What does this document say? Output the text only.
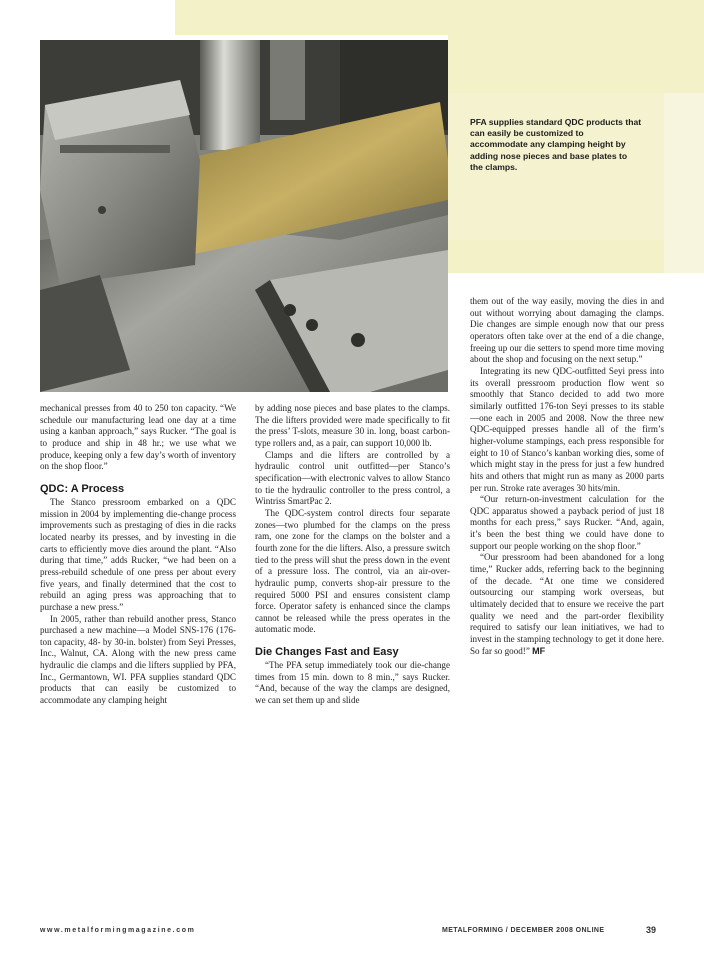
PFA supplies standard QDC products that can easily be customized to accommodate any clamping height by adding nose pieces and base plates to the clamps.

mechanical presses from 40 to 250 ton capacity. “We schedule our manufacturing lead one day at a time using a kanban approach,” says Rucker. “The goal is to produce and ship in 48 hr.; we use what we produce, keeping only a few day’s worth of inventory on the shop floor.”

QDC: A Process

The Stanco pressroom embarked on a QDC mission in 2004 by implementing die-change process improvements such as prestaging of dies in die racks located nearby its presses, and by investing in die carts to efficiently move dies around the plant. “Also during that time,” adds Rucker, “we had been on a press-rebuild schedule of one press per about every five years, and finally determined that the cost to rebuild an aging press was approaching that to purchase a new press.”

In 2005, rather than rebuild another press, Stanco purchased a new machine—a Model SNS-176 (176-ton capacity, 48- by 30-in. bolster) from Seyi Presses, Inc., Walnut, CA. Along with the new press came hydraulic die clamps and die lifters supplied by PFA, Inc., Germantown, WI. PFA supplies standard QDC products that can easily be customized to accommodate any clamping height

by adding nose pieces and base plates to the clamps. The die lifters provided were made specifically to fit the press’ T-slots, measure 30 in. long, boast carbon-type rollers and, as a pair, can support 10,000 lb.

Clamps and die lifters are controlled by a hydraulic control unit outfitted—per Stanco’s specification—with electronic valves to allow Stanco to tie the hydraulic controller to the press control, a Wintriss SmartPac 2.

The QDC-system control directs four separate zones—two plumbed for the clamps on the press ram, one zone for the clamps on the bolster and a fourth zone for the die lifters. Also, a pressure switch tied to the press will shut the press down in the event of a pressure loss. The control, via an air-over-hydraulic pump, converts shop-air pressure to the required 5000 PSI and ensures consistent clamp force. Operator safety is enhanced since the clamps cannot be released while the press operates in the automatic mode.

Die Changes Fast and Easy

“The PFA setup immediately took our die-change times from 15 min. down to 8 min.,” says Rucker. “And, because of the way the clamps are designed, we can set them up and slide

them out of the way easily, moving the dies in and out without worrying about damaging the clamps. Die changes are simple enough now that our press operators often take over at the end of a die change, freeing up our die setters to spend more time moving about the shop and focusing on the next setup.”

Integrating its new QDC-outfitted Seyi press into its overall pressroom production flow went so smoothly that Stanco decided to add two more similarly outfitted 176-ton Seyi presses to its stable—one each in 2005 and 2008. Now the three new QDC-equipped presses handle all of the firm’s higher-volume stampings, each press responsible for eight to 10 of Stanco’s kanban working dies, some of which might stay in the press for just a few hundred hits and others that might run as many as 2000 parts per run. Stroke rate averages 30 hits/min.

“Our return-on-investment calculation for the QDC apparatus showed a payback period of just 18 months for each press,” says Rucker. “And, again, it’s been the best thing we could have done to support our people working on the shop floor.”

“Our pressroom had been abandoned for a long time,” Rucker adds, referring back to the beginning of the decade. “At one time we considered outsourcing our stamping work overseas, but ultimately decided that to ensure we receive the part quality we need and the part-order flexibility required to satisfy our lean initiatives, we had to invest in the stamping technology to get it done here. So far so good!” MF

www.metalformingmagazine.com	METALFORMING / DECEMBER 2008 ONLINE	39
